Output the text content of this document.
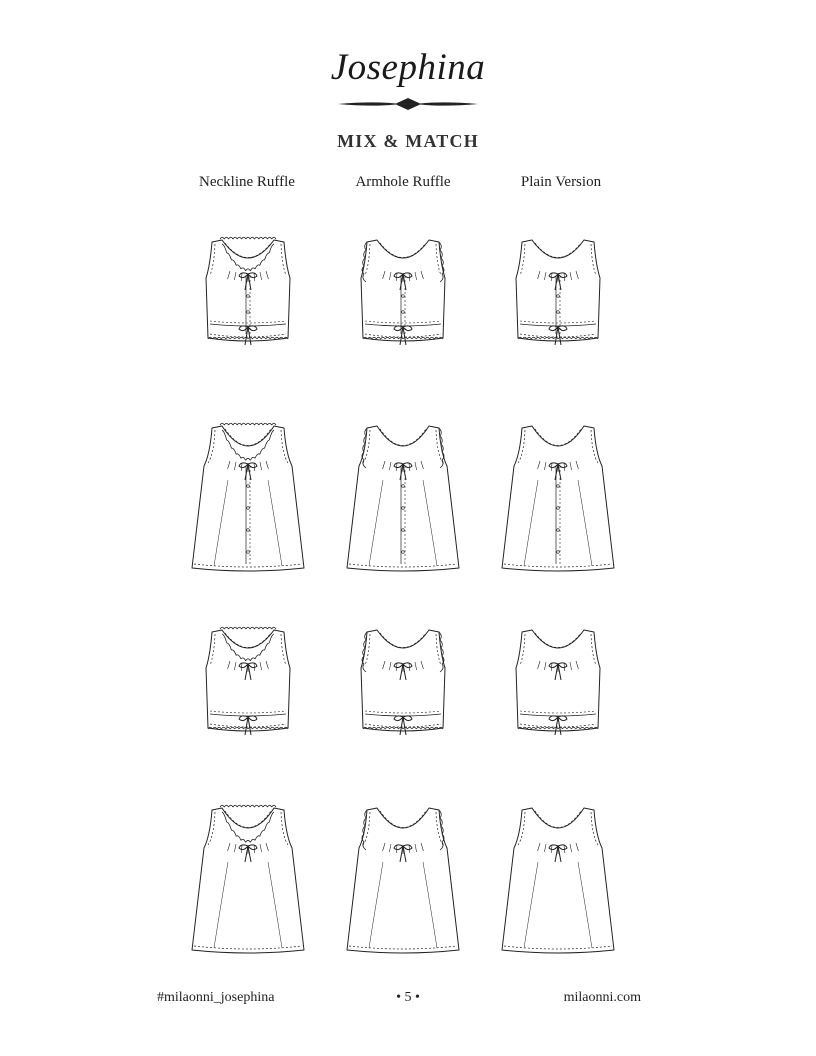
Josephina
MIX & MATCH
Neckline Ruffle	Armhole Ruffle	Plain Version
#milaonni_josephina	• 5 •	milaonni.com
